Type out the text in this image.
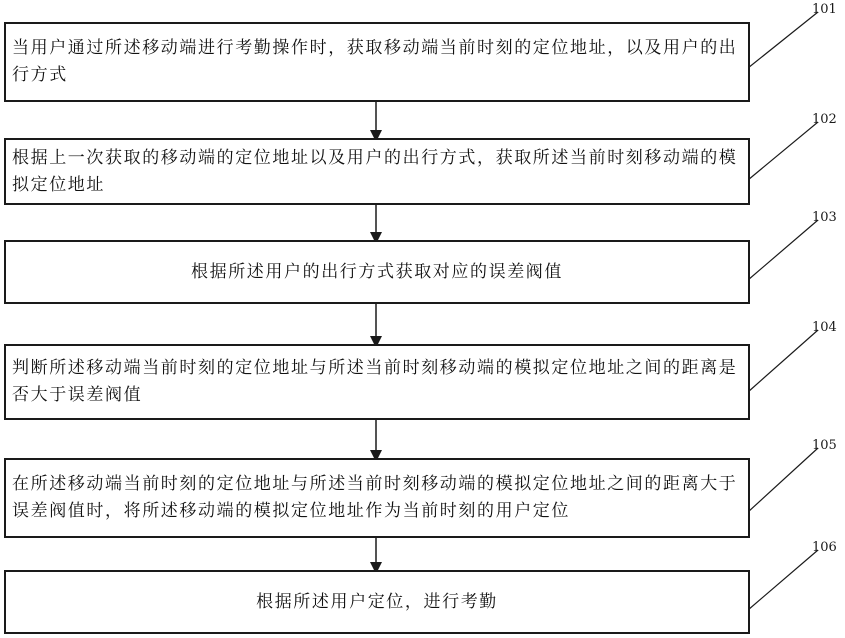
当用户通过所述移动端进行考勤操作时，获取移动端当前时刻的定位地址，以及用户的出行方式
根据上一次获取的移动端的定位地址以及用户的出行方式，获取所述当前时刻移动端的模拟定位地址
根据所述用户的出行方式获取对应的误差阀值
判断所述移动端当前时刻的定位地址与所述当前时刻移动端的模拟定位地址之间的距离是否大于误差阀值
在所述移动端当前时刻的定位地址与所述当前时刻移动端的模拟定位地址之间的距离大于误差阀值时，将所述移动端的模拟定位地址作为当前时刻的用户定位
根据所述用户定位，进行考勤
101
102
103
104
105
106
